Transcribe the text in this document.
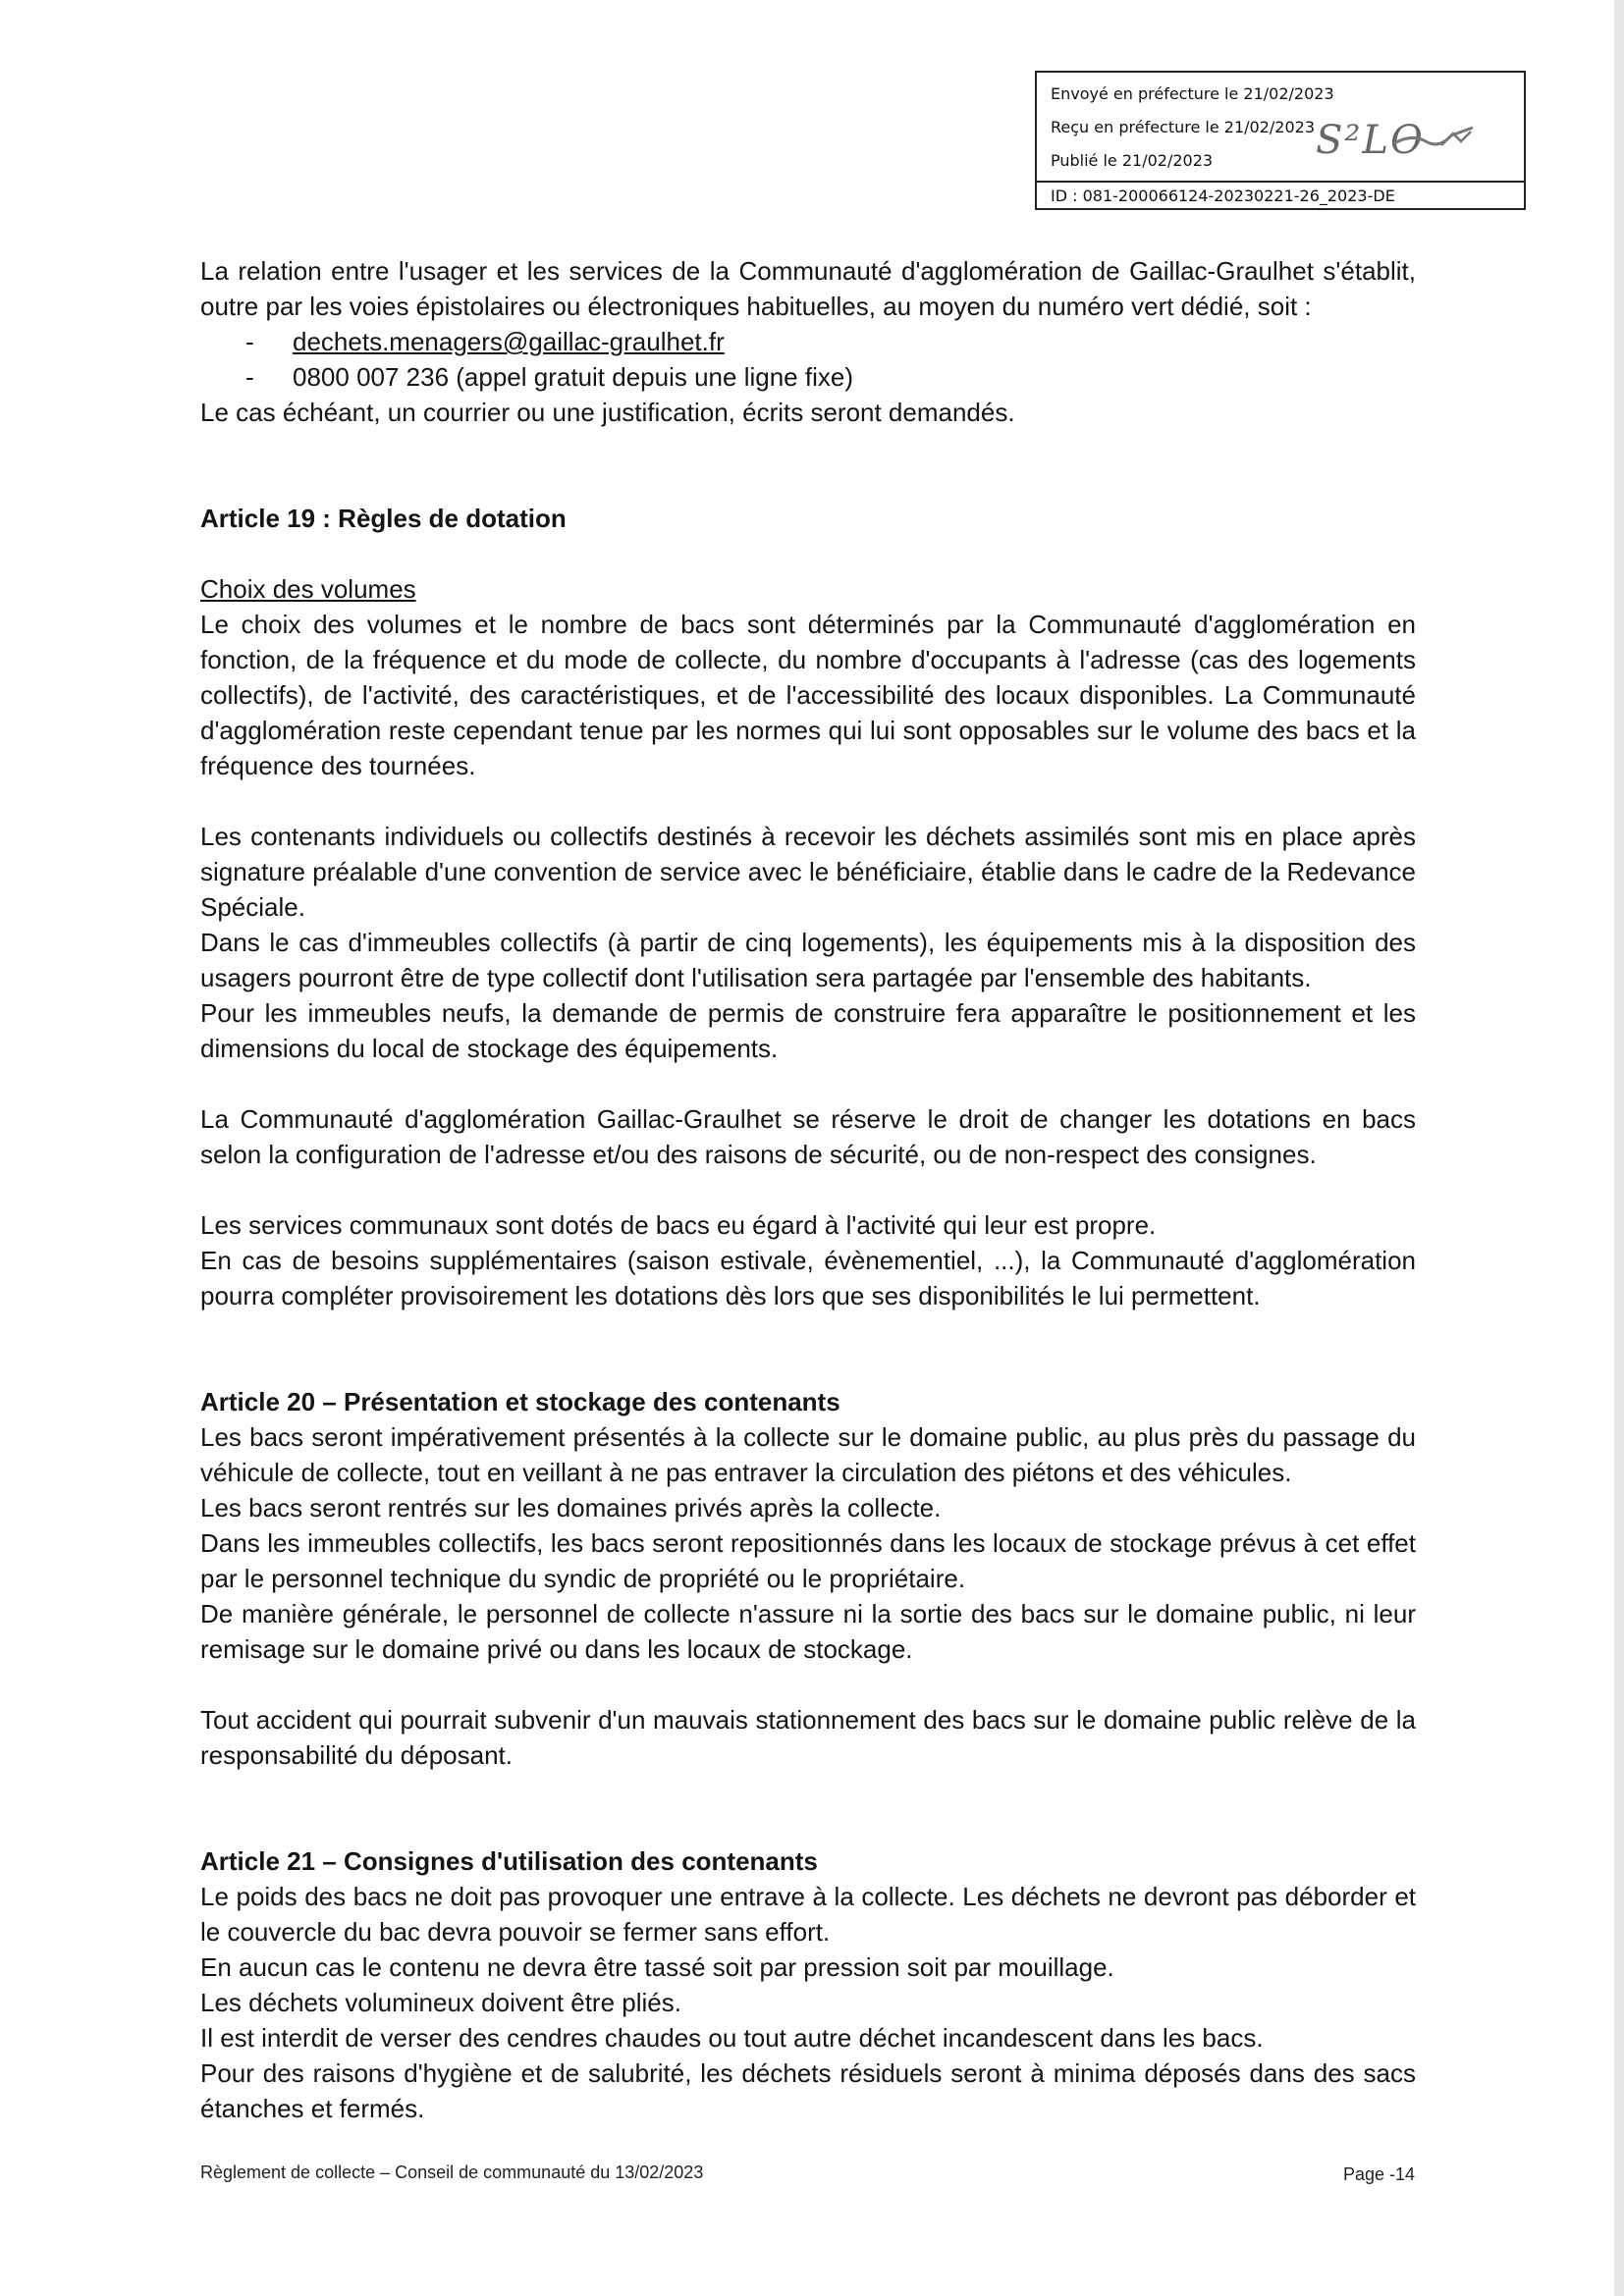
Envoyé en préfecture le 21/02/2023
Reçu en préfecture le 21/02/2023
Publié le 21/02/2023
ID : 081-200066124-20230221-26_2023-DE
S²LO

La relation entre l'usager et les services de la Communauté d'agglomération de Gaillac-Graulhet s'établit, outre par les voies épistolaires ou électroniques habituelles, au moyen du numéro vert dédié, soit :

- dechets.menagers@gaillac-graulhet.fr
- 0800 007 236 (appel gratuit depuis une ligne fixe)

Le cas échéant, un courrier ou une justification, écrits seront demandés.

Article 19 : Règles de dotation

Choix des volumes

Le choix des volumes et le nombre de bacs sont déterminés par la Communauté d'agglomération en fonction, de la fréquence et du mode de collecte, du nombre d'occupants à l'adresse (cas des logements collectifs), de l'activité, des caractéristiques, et de l'accessibilité des locaux disponibles. La Communauté d'agglomération reste cependant tenue par les normes qui lui sont opposables sur le volume des bacs et la fréquence des tournées.

Les contenants individuels ou collectifs destinés à recevoir les déchets assimilés sont mis en place après signature préalable d'une convention de service avec le bénéficiaire, établie dans le cadre de la Redevance Spéciale.

Dans le cas d'immeubles collectifs (à partir de cinq logements), les équipements mis à la disposition des usagers pourront être de type collectif dont l'utilisation sera partagée par l'ensemble des habitants.

Pour les immeubles neufs, la demande de permis de construire fera apparaître le positionnement et les dimensions du local de stockage des équipements.

La Communauté d'agglomération Gaillac-Graulhet se réserve le droit de changer les dotations en bacs selon la configuration de l'adresse et/ou des raisons de sécurité, ou de non-respect des consignes.

Les services communaux sont dotés de bacs eu égard à l'activité qui leur est propre.

En cas de besoins supplémentaires (saison estivale, évènementiel, ...), la Communauté d'agglomération pourra compléter provisoirement les dotations dès lors que ses disponibilités le lui permettent.

Article 20 – Présentation et stockage des contenants

Les bacs seront impérativement présentés à la collecte sur le domaine public, au plus près du passage du véhicule de collecte, tout en veillant à ne pas entraver la circulation des piétons et des véhicules.

Les bacs seront rentrés sur les domaines privés après la collecte.

Dans les immeubles collectifs, les bacs seront repositionnés dans les locaux de stockage prévus à cet effet par le personnel technique du syndic de propriété ou le propriétaire.

De manière générale, le personnel de collecte n'assure ni la sortie des bacs sur le domaine public, ni leur remisage sur le domaine privé ou dans les locaux de stockage.

Tout accident qui pourrait subvenir d'un mauvais stationnement des bacs sur le domaine public relève de la responsabilité du déposant.

Article 21 – Consignes d'utilisation des contenants

Le poids des bacs ne doit pas provoquer une entrave à la collecte. Les déchets ne devront pas déborder et le couvercle du bac devra pouvoir se fermer sans effort.

En aucun cas le contenu ne devra être tassé soit par pression soit par mouillage.

Les déchets volumineux doivent être pliés.

Il est interdit de verser des cendres chaudes ou tout autre déchet incandescent dans les bacs.

Pour des raisons d'hygiène et de salubrité, les déchets résiduels seront à minima déposés dans des sacs étanches et fermés.

Règlement de collecte – Conseil de communauté du 13/02/2023	Page -14
